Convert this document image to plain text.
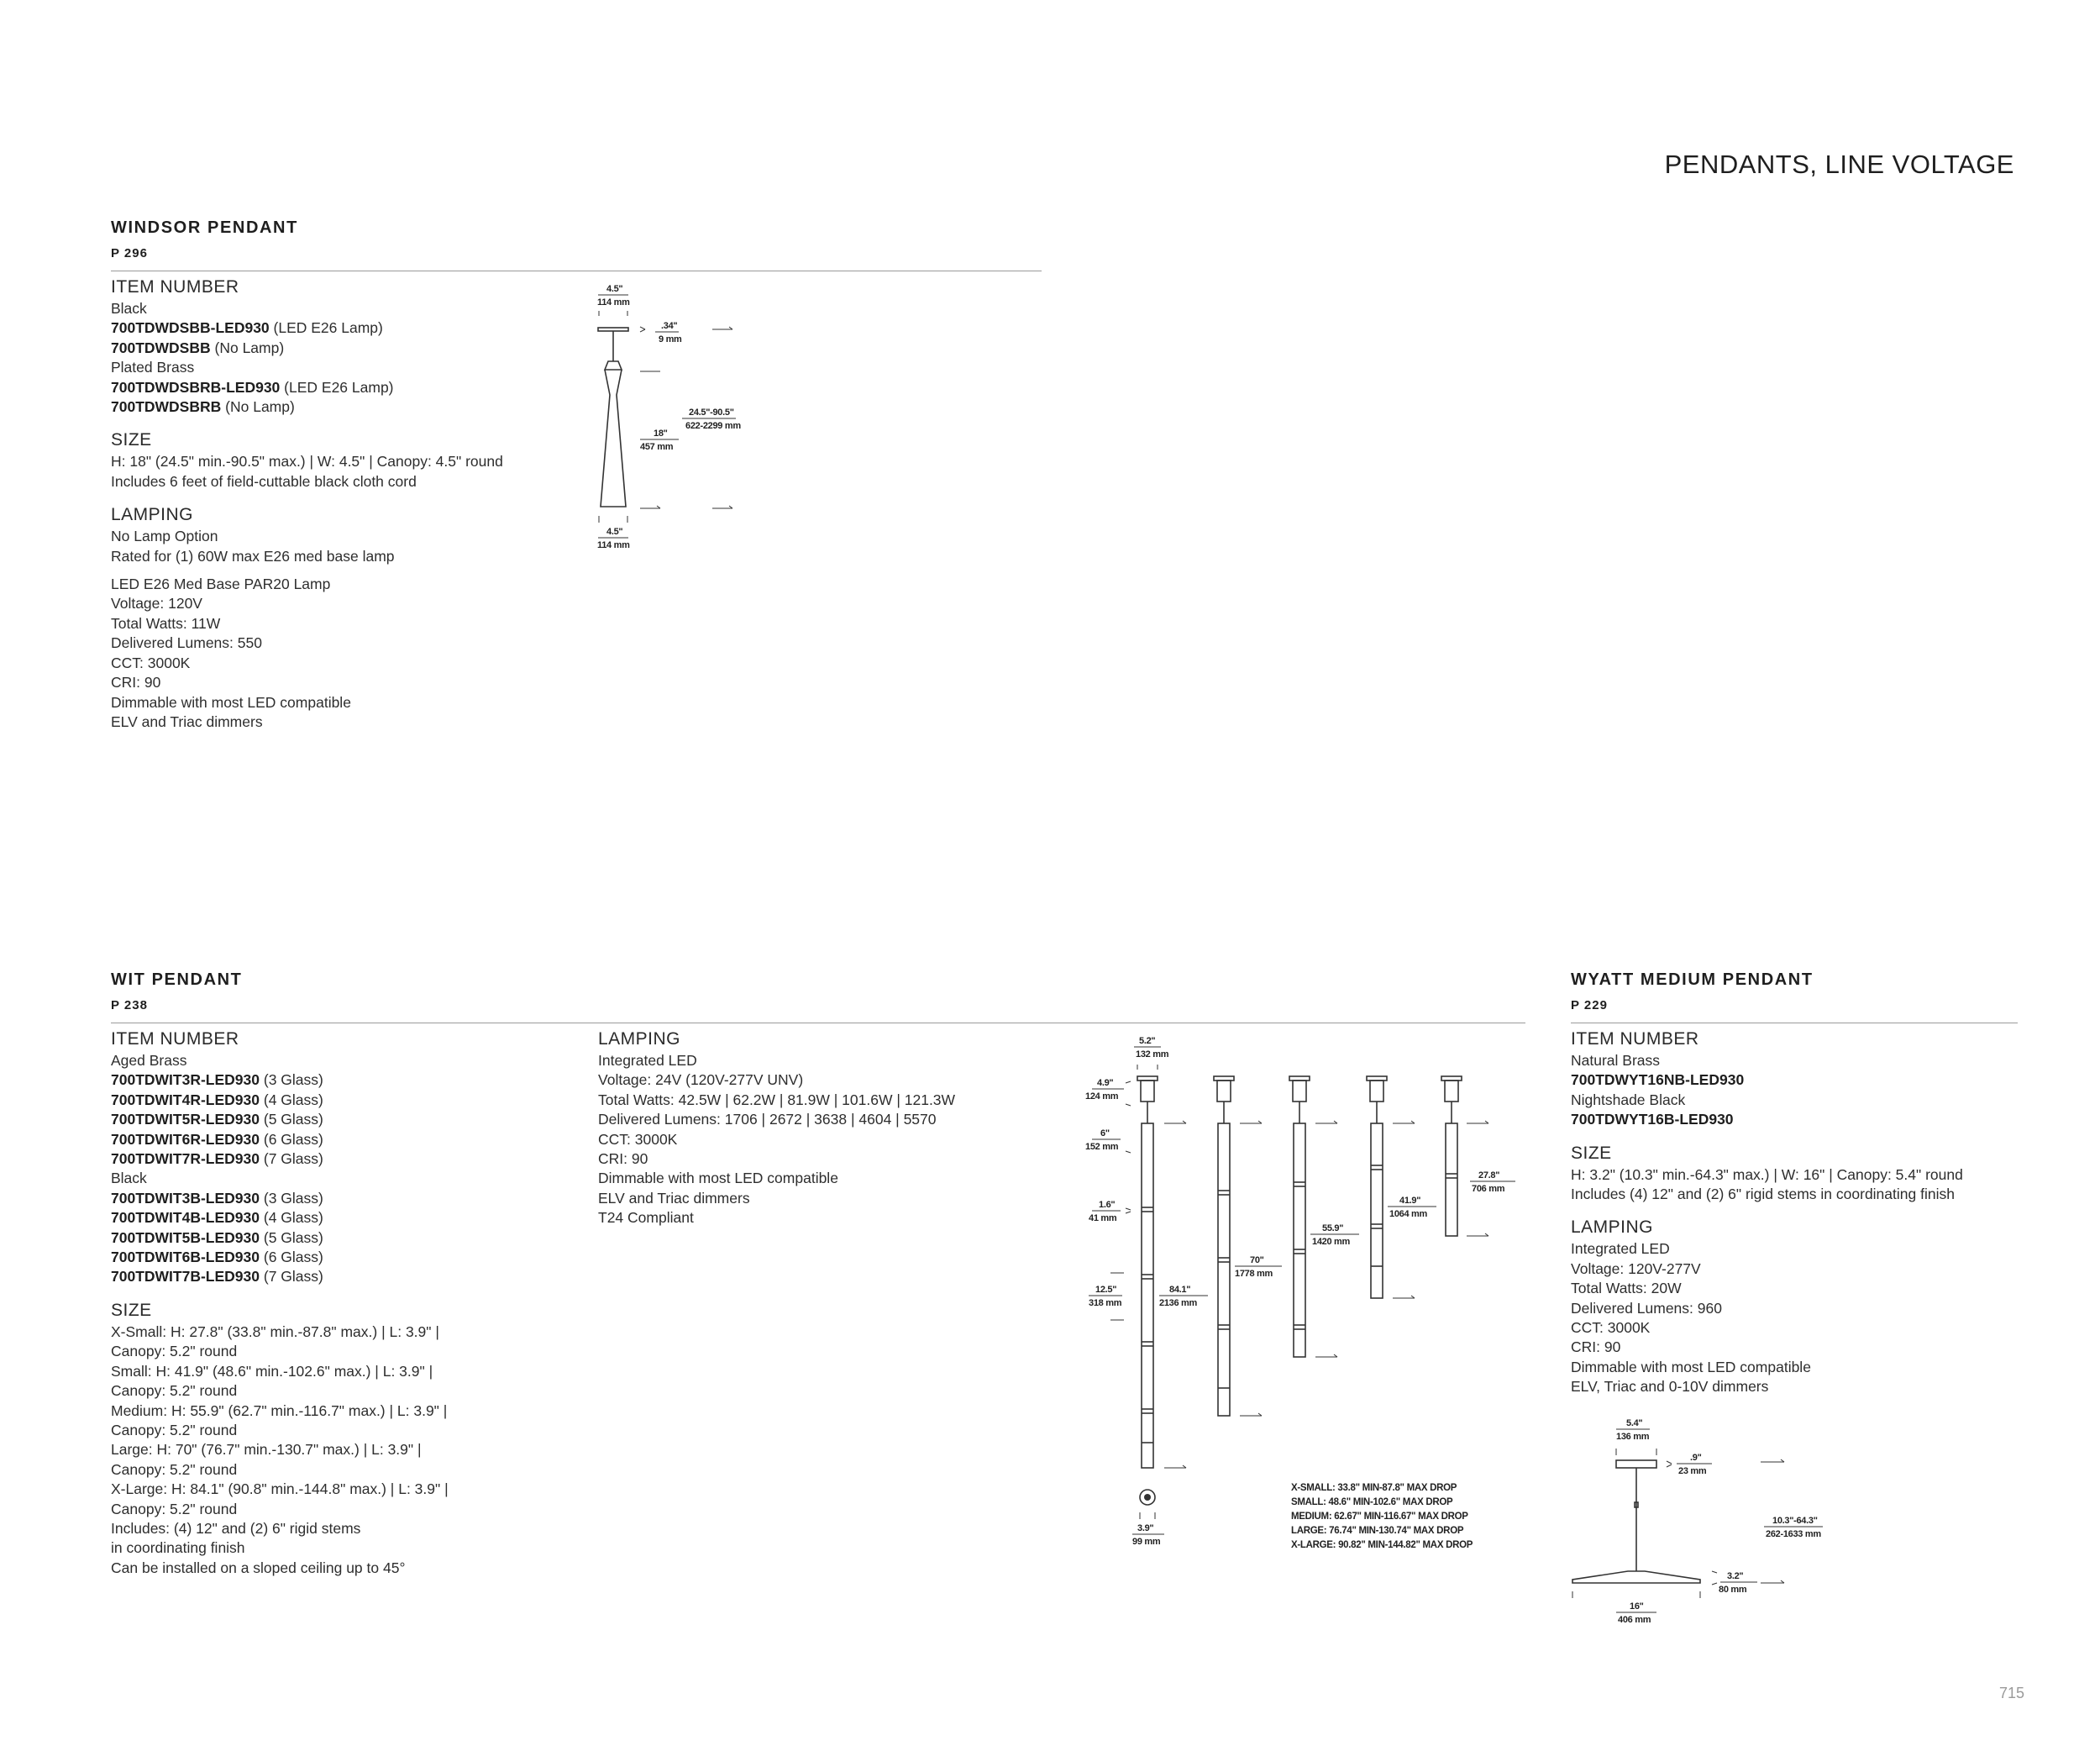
PENDANTS, LINE VOLTAGE
WINDSOR PENDANT
P 296
ITEM NUMBER
Black
700TDWDSBB-LED930 (LED E26 Lamp)
700TDWDSBB (No Lamp)
Plated Brass
700TDWDSBRB-LED930 (LED E26 Lamp)
700TDWDSBRB (No Lamp)
SIZE
H: 18" (24.5" min.-90.5" max.) | W: 4.5" | Canopy: 4.5" round
Includes 6 feet of field-cuttable black cloth cord
LAMPING
No Lamp Option
Rated for (1) 60W max E26 med base lamp
LED E26 Med Base PAR20 Lamp
Voltage: 120V
Total Watts: 11W
Delivered Lumens: 550
CCT: 3000K
CRI: 90
Dimmable with most LED compatible
ELV and Triac dimmers
4.5"
114 mm
.34"
9 mm
18"
457 mm
24.5"-90.5"
622-2299 mm
4.5"
114 mm
WIT PENDANT
P 238
ITEM NUMBER
Aged Brass
700TDWIT3R-LED930 (3 Glass)
700TDWIT4R-LED930 (4 Glass)
700TDWIT5R-LED930 (5 Glass)
700TDWIT6R-LED930 (6 Glass)
700TDWIT7R-LED930 (7 Glass)
Black
700TDWIT3B-LED930 (3 Glass)
700TDWIT4B-LED930 (4 Glass)
700TDWIT5B-LED930 (5 Glass)
700TDWIT6B-LED930 (6 Glass)
700TDWIT7B-LED930 (7 Glass)
SIZE
X-Small: H: 27.8" (33.8" min.-87.8" max.) | L: 3.9" |
Canopy: 5.2" round
Small: H: 41.9" (48.6" min.-102.6" max.) | L: 3.9" |
Canopy: 5.2" round
Medium: H: 55.9" (62.7" min.-116.7" max.) | L: 3.9" |
Canopy: 5.2" round
Large: H: 70" (76.7" min.-130.7" max.) | L: 3.9" |
Canopy: 5.2" round
X-Large: H: 84.1" (90.8" min.-144.8" max.) | L: 3.9" |
Canopy: 5.2" round
Includes: (4) 12" and (2) 6" rigid stems
in coordinating finish
Can be installed on a sloped ceiling up to 45°
LAMPING
Integrated LED
Voltage: 24V (120V-277V UNV)
Total Watts: 42.5W | 62.2W | 81.9W | 101.6W | 121.3W
Delivered Lumens: 1706 | 2672 | 3638 | 4604 | 5570
CCT: 3000K
CRI: 90
Dimmable with most LED compatible
ELV and Triac dimmers
T24 Compliant
5.2"
132 mm
4.9"
124 mm
6"
152 mm
1.6"
41 mm
12.5"
318 mm
84.1"
2136 mm
70"
1778 mm
55.9"
1420 mm
41.9"
1064 mm
27.8"
706 mm
3.9"
99 mm
X-SMALL: 33.8" MIN-87.8" MAX DROP
SMALL: 48.6" MIN-102.6" MAX DROP
MEDIUM: 62.67" MIN-116.67" MAX DROP
LARGE: 76.74" MIN-130.74" MAX DROP
X-LARGE: 90.82" MIN-144.82" MAX DROP
WYATT MEDIUM PENDANT
P 229
ITEM NUMBER
Natural Brass
700TDWYT16NB-LED930
Nightshade Black
700TDWYT16B-LED930
SIZE
H: 3.2" (10.3" min.-64.3" max.) | W: 16" | Canopy: 5.4" round
Includes (4) 12" and (2) 6" rigid stems in coordinating finish
LAMPING
Integrated LED
Voltage: 120V-277V
Total Watts: 20W
Delivered Lumens: 960
CCT: 3000K
CRI: 90
Dimmable with most LED compatible
ELV, Triac and 0-10V dimmers
5.4"
136 mm
.9"
23 mm
10.3"-64.3"
262-1633 mm
3.2"
80 mm
16"
406 mm
715
